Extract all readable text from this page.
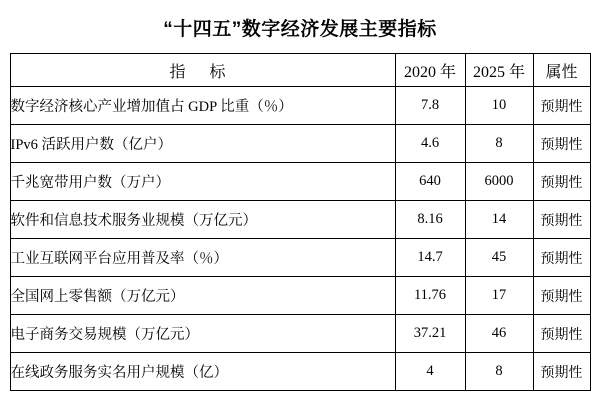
“十四五”数字经济发展主要指标
指 标	2020 年	2025 年	属性
数字经济核心产业增加值占 GDP 比重（％）	7.8	10	预期性
IPv6 活跃用户数（亿户）	4.6	8	预期性
千兆宽带用户数（万户）	640	6000	预期性
软件和信息技术服务业规模（万亿元）	8.16	14	预期性
工业互联网平台应用普及率（％）	14.7	45	预期性
全国网上零售额（万亿元）	11.76	17	预期性
电子商务交易规模（万亿元）	37.21	46	预期性
在线政务服务实名用户规模（亿）	4	8	预期性
